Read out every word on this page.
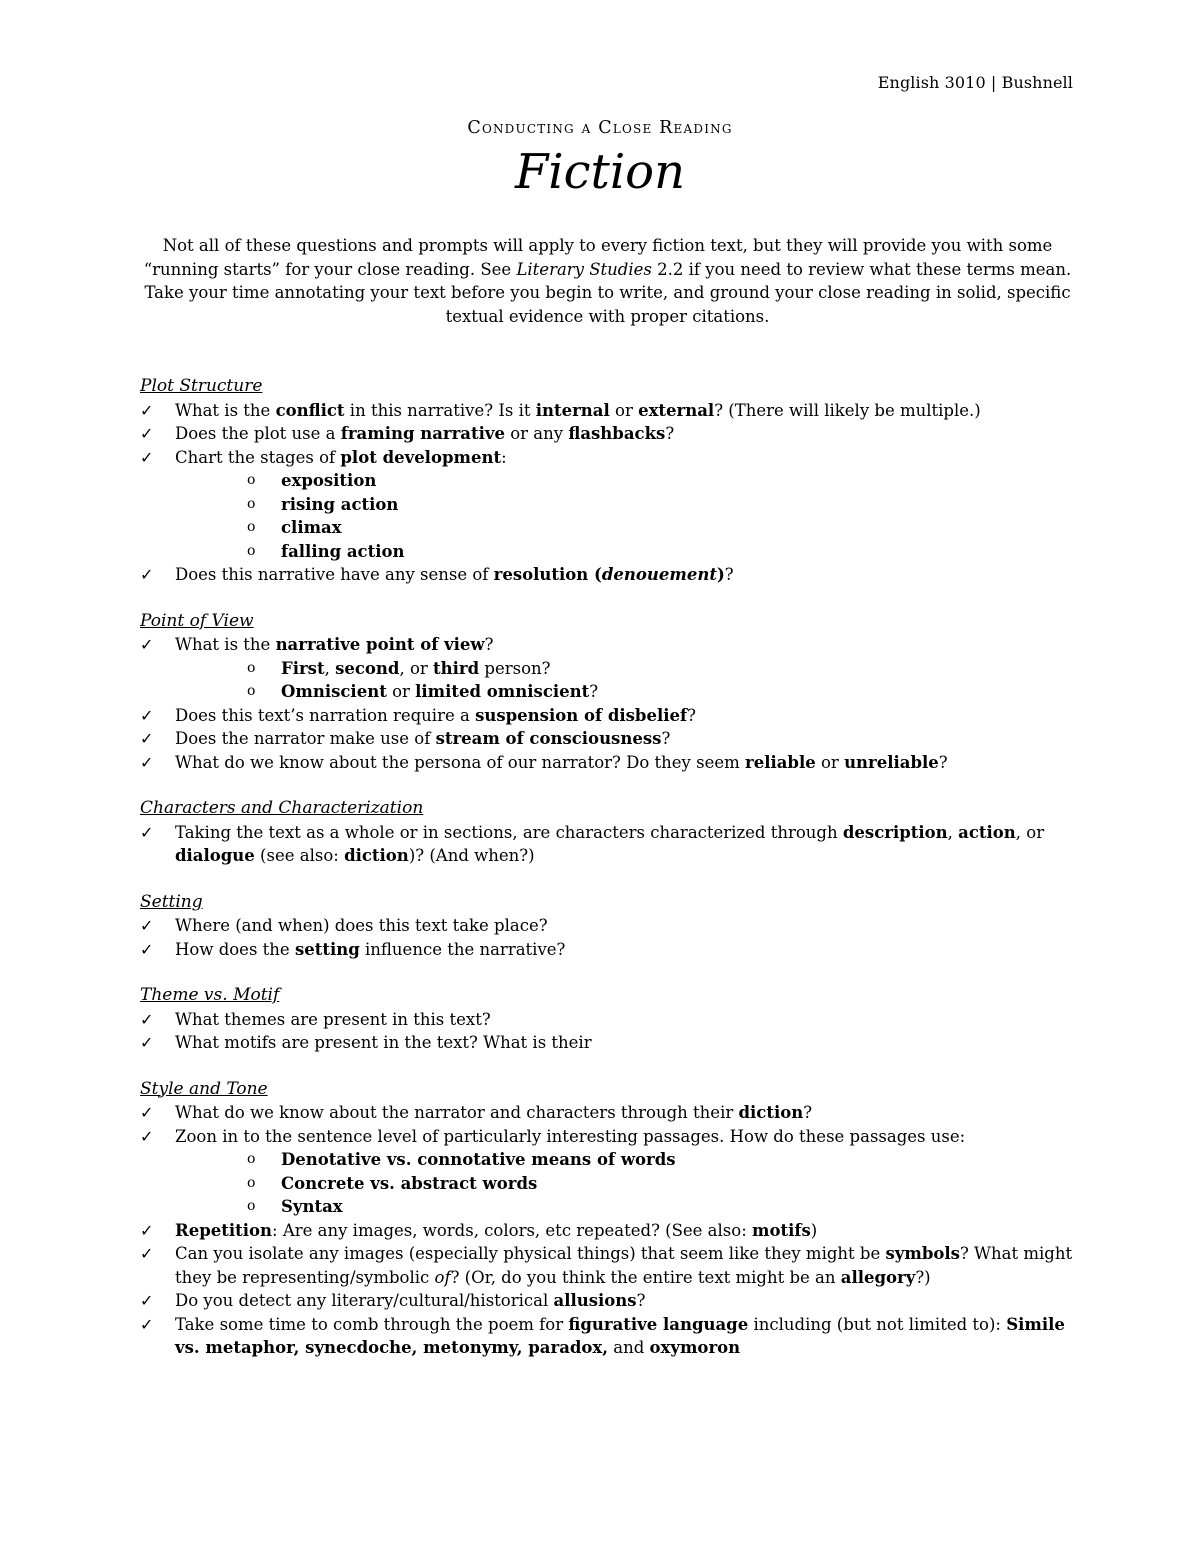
English 3010 | Bushnell
Conducting a Close Reading
Fiction

Not all of these questions and prompts will apply to every fiction text, but they will provide you with some “running starts” for your close reading. See Literary Studies 2.2 if you need to review what these terms mean. Take your time annotating your text before you begin to write, and ground your close reading in solid, specific textual evidence with proper citations.

Plot Structure
✓ What is the conflict in this narrative? Is it internal or external? (There will likely be multiple.)
✓ Does the plot use a framing narrative or any flashbacks?
✓ Chart the stages of plot development:
o exposition
o rising action
o climax
o falling action
✓ Does this narrative have any sense of resolution (denouement)?
Point of View
✓ What is the narrative point of view?
o First, second, or third person?
o Omniscient or limited omniscient?
✓ Does this text’s narration require a suspension of disbelief?
✓ Does the narrator make use of stream of consciousness?
✓ What do we know about the persona of our narrator? Do they seem reliable or unreliable?
Characters and Characterization
✓ Taking the text as a whole or in sections, are characters characterized through description, action, or dialogue (see also: diction)? (And when?)
Setting
✓ Where (and when) does this text take place?
✓ How does the setting influence the narrative?
Theme vs. Motif
✓ What themes are present in this text?
✓ What motifs are present in the text? What is their
Style and Tone
✓ What do we know about the narrator and characters through their diction?
✓ Zoon in to the sentence level of particularly interesting passages. How do these passages use:
o Denotative vs. connotative means of words
o Concrete vs. abstract words
o Syntax
✓ Repetition: Are any images, words, colors, etc repeated? (See also: motifs)
✓ Can you isolate any images (especially physical things) that seem like they might be symbols? What might they be representing/symbolic of? (Or, do you think the entire text might be an allegory?)
✓ Do you detect any literary/cultural/historical allusions?
✓ Take some time to comb through the poem for figurative language including (but not limited to): Simile vs. metaphor, synecdoche, metonymy, paradox, and oxymoron
